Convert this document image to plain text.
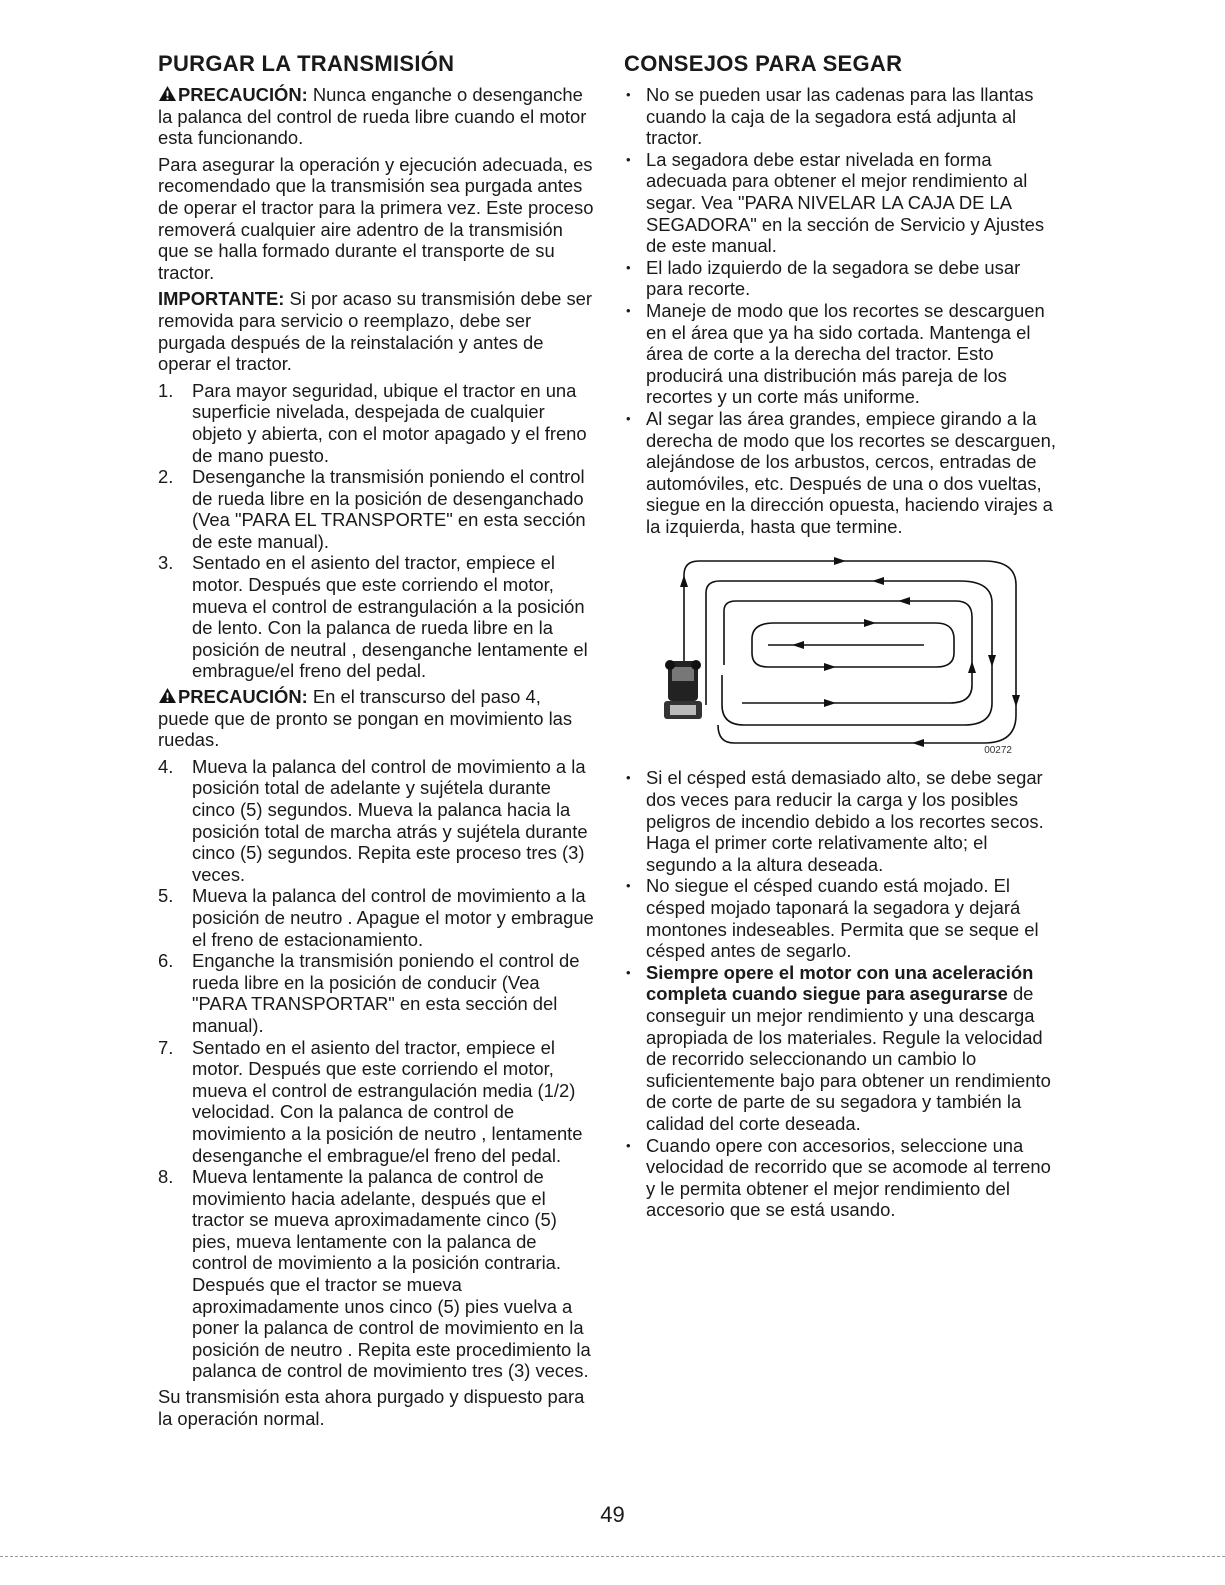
PURGAR LA TRANSMISIÓN

PRECAUCIÓN: Nunca enganche o desenganche la palanca del control de rueda libre cuando el motor esta funcionando.

Para asegurar la operación y ejecución adecuada, es recomendado que la transmisión sea purgada antes de operar el tractor para la primera vez. Este proceso removerá cualquier aire adentro de la transmisión que se halla formado durante el transporte de su tractor.

IMPORTANTE: Si por acaso su transmisión debe ser removida para servicio o reemplazo, debe ser purgada después de la reinstalación y antes de operar el tractor.

1. Para mayor seguridad, ubique el tractor en una superficie nivelada, despejada de cualquier objeto y abierta, con el motor apagado y el freno de mano puesto.
2. Desenganche la transmisión poniendo el control de rueda libre en la posición de desenganchado (Vea "PARA EL TRANSPORTE" en esta sección de este manual).
3. Sentado en el asiento del tractor, empiece el motor. Después que este corriendo el motor, mueva el control de estrangulación a la posición de lento. Con la palanca de rueda libre en la posición de neutral , desenganche lentamente el embrague/el freno del pedal.

PRECAUCIÓN: En el transcurso del paso 4, puede que de pronto se pongan en movimiento las ruedas.

4. Mueva la palanca del control de movimiento a la posición total de adelante y sujétela durante cinco (5) segundos. Mueva la palanca hacia la posición total de marcha atrás y sujétela durante cinco (5) segundos. Repita este proceso tres (3) veces.
5. Mueva la palanca del control de movimiento a la posición de neutro . Apague el motor y embrague el freno de estacionamiento.
6. Enganche la transmisión poniendo el control de rueda libre en la posición de conducir (Vea "PARA TRANSPORTAR" en esta sección del manual).
7. Sentado en el asiento del tractor, empiece el motor. Después que este corriendo el motor, mueva el control de estrangulación media (1/2) velocidad. Con la palanca de control de movimiento a la posición de neutro , lentamente desenganche el embrague/el freno del pedal.
8. Mueva lentamente la palanca de control de movimiento hacia adelante, después que el tractor se mueva aproximadamente cinco (5) pies, mueva lentamente con la palanca de control de movimiento a la posición contraria. Después que el tractor se mueva aproximadamente unos cinco (5) pies vuelva a poner la palanca de control de movimiento en la posición de neutro . Repita este procedimiento la palanca de control de movimiento tres (3) veces.

Su transmisión esta ahora purgado y dispuesto para la operación normal.

CONSEJOS PARA SEGAR
• No se pueden usar las cadenas para las llantas cuando la caja de la segadora está adjunta al tractor.
• La segadora debe estar nivelada en forma adecuada para obtener el mejor rendimiento al segar. Vea "PARA NIVELAR LA CAJA DE LA SEGADORA" en la sección de Servicio y Ajustes de este manual.
• El lado izquierdo de la segadora se debe usar para recorte.
• Maneje de modo que los recortes se descarguen en el área que ya ha sido cortada. Mantenga el área de corte a la derecha del tractor. Esto producirá una distribución más pareja de los recortes y un corte más uniforme.
• Al segar las área grandes, empiece girando a la derecha de modo que los recortes se descarguen, alejándose de los arbustos, cercos, entradas de automóviles, etc. Después de una o dos vueltas, siegue en la dirección opuesta, haciendo virajes a la izquierda, hasta que termine.
00272
• Si el césped está demasiado alto, se debe segar dos veces para reducir la carga y los posibles peligros de incendio debido a los recortes secos. Haga el primer corte relativamente alto; el segundo a la altura deseada.
• No siegue el césped cuando está mojado. El césped mojado taponará la segadora y dejará montones indeseables. Permita que se seque el césped antes de segarlo.
• Siempre opere el motor con una aceleración completa cuando siegue para asegurarse de conseguir un mejor rendimiento y una descarga apropiada de los materiales. Regule la velocidad de recorrido seleccionando un cambio lo suficientemente bajo para obtener un rendimiento de corte de parte de su segadora y también la calidad del corte deseada.
• Cuando opere con accesorios, seleccione una velocidad de recorrido que se acomode al terreno y le permita obtener el mejor rendimiento del accesorio que se está usando.
49
